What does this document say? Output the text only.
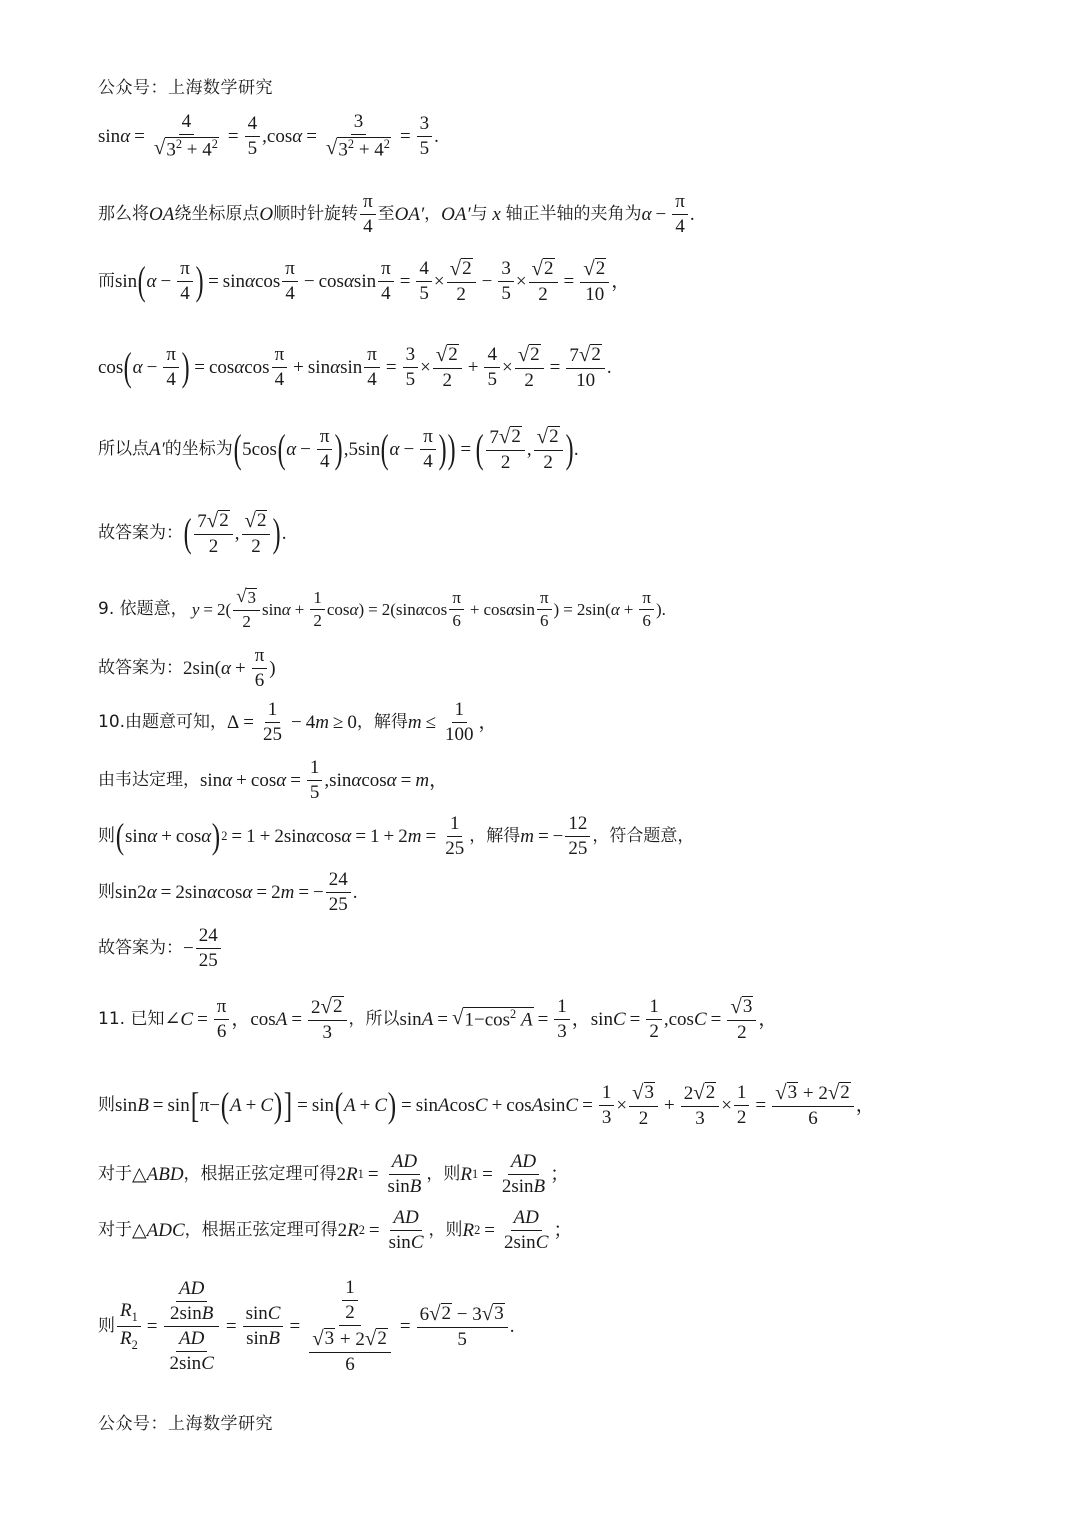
公众号：上海数学研究
$\sin \alpha = \frac{4}{√ 3^2 + 4^2} = \frac{4}{5} ,\cos$ $\alpha = \frac{3}{√ 3^2 + 4^2} = \frac{3}{5}$ .
那么将 OA 绕坐标原点 O 顺时针旋转
π
4
至 OA′ ， OA′ 与
x
轴正半轴的夹角为 $\alpha - \frac{\pi}{4}$ .
而 sin ( $\alpha - \frac{\pi}{4}$ ) = sin α cos
π
4
− cos α $\sin \frac{\pi}{4} = \frac{4}{5}$ ×
√ 2
2
− $\frac{3}{5} \times \frac{√ 2}{2} = \frac{√ 2}{10}$ ，
cos ( $\alpha - \frac{\pi}{4}$ ) = cos α cos
π
4
+ sin α $\sin \frac{\pi}{4} = \frac{3}{5}$ ×
√ 2
2
+ $\frac{4}{5} \times \frac{√ 2}{2} = \frac{7 √ 2}{10}$ .
所以点 A′ 的坐标为 ( 5cos ( $\alpha - \frac{\pi}{4}$ ) ,5sin ( $\alpha - \frac{\pi}{4}$ ) ) = ( 7 √ 2
2
,
√ 2
2 ) .
故答案为： ( 7 √ 2
2
,
√ 2
2 ) .
9. 依题意，
$y = 2( \frac{√ 3}{2}$ $\sin \alpha + \frac{1}{2}$ cos α ) = 2(sin α cos
π
6
+ cos α $\sin \frac{\pi}{6}$ ) = 2sin( $\alpha + \frac{\pi}{6}$ ).
故答案为： 2sin( $\alpha + \frac{\pi}{6}$ )
10.由题意可知， $\Delta = \frac{1}{25} - 4$ m ≥ 0 ，解得 $m \le \frac{1}{100}$ ，
由韦达定理， $\sin \alpha + \cos \alpha = \frac{1}{5} ,\sin$ α cos α = m ，
则 ( sin α + cos α ) 2 = 1 + 2sin α cos α = 1 + 2 $m = \frac{1}{25}$ ，解得 m = − $\frac{12}{25}$ ，符合题意，
则 sin2 α = 2sin α cos α = 2 m = − $\frac{24}{25}$ .
故答案为： −
24
25
11. 已知 ∠ $C = \frac{\pi}{6}$ ，$\cos A = \frac{2 √ 2}{3}$ ，所以 sin A = √ $1-\cos^2$ $A = \frac{1}{3}$ ，$\sin C = \frac{1}{2} ,\cos$ $C = \frac{√ 3}{2}$ ，
则 sin B = sin [ π− ( A + C ) ] = sin ( A + C ) = sin A cos C + cos A $\sin C = \frac{1}{3}$ ×
√ 3
2
+ $\frac{2 √ 2}{3} \times \frac{1}{2} = \frac{√ 3 + 2 √ 2}{6}$ ，
对于 △ABD ，根据正弦定理可得 2 R $1 = \frac{AD}{\sin B}$ ，则 R $1 = \frac{AD}{2\sin B}$ ；
对于 △ADC ，根据正弦定理可得 2 R $2 = \frac{AD}{\sin C}$ ，则 R $2 = \frac{AD}{2\sin C}$ ；
则 $\frac{R_1}{R_2} = \frac{\frac{AD}{2\sin B}}{\frac{AD}{2\sin C}} = \frac{\sin C}{\sin B} = \frac{\frac{1}{2}}{\frac{√ 3 + 2 √ 2}{6}} = \frac{6 √ 2 - 3 √ 3}{5}$ .
公众号：上海数学研究
